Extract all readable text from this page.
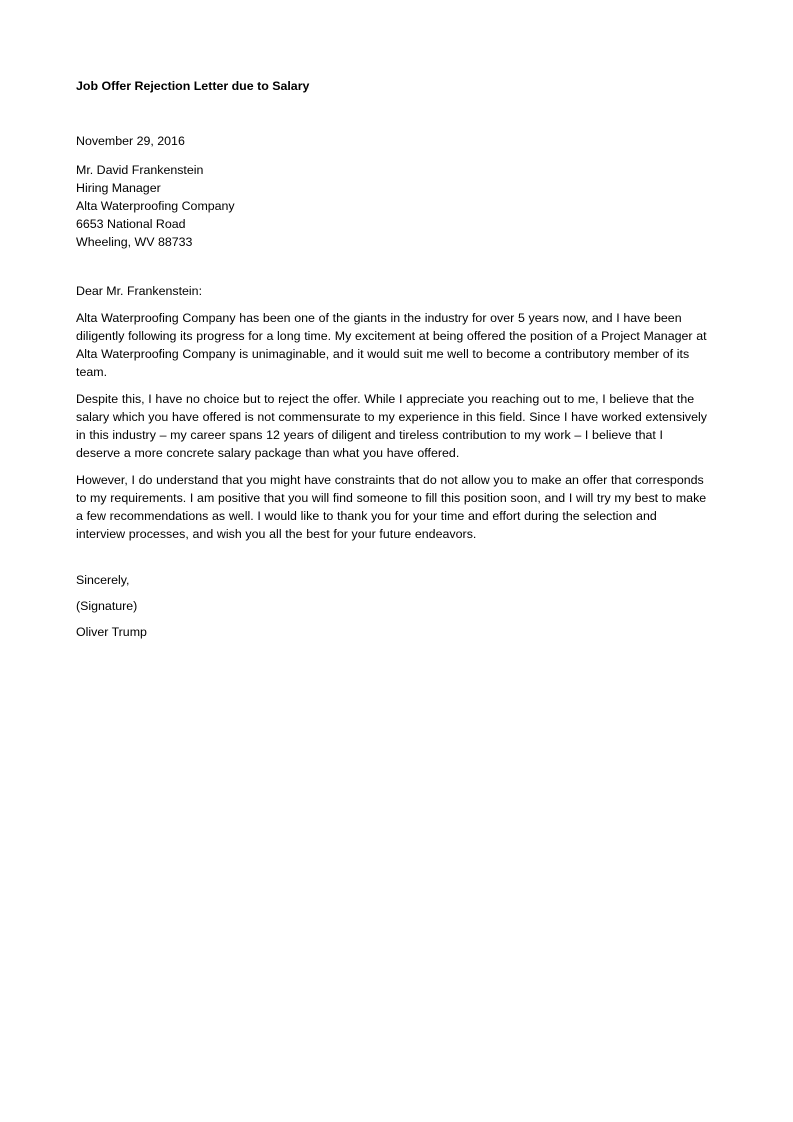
Job Offer Rejection Letter due to Salary
November 29, 2016
Mr. David Frankenstein
Hiring Manager
Alta Waterproofing Company
6653 National Road
Wheeling, WV 88733
Dear Mr. Frankenstein:
Alta Waterproofing Company has been one of the giants in the industry for over 5 years now, and I have been diligently following its progress for a long time. My excitement at being offered the position of a Project Manager at Alta Waterproofing Company is unimaginable, and it would suit me well to become a contributory member of its team.
Despite this, I have no choice but to reject the offer. While I appreciate you reaching out to me, I believe that the salary which you have offered is not commensurate to my experience in this field. Since I have worked extensively in this industry – my career spans 12 years of diligent and tireless contribution to my work – I believe that I deserve a more concrete salary package than what you have offered.
However, I do understand that you might have constraints that do not allow you to make an offer that corresponds to my requirements. I am positive that you will find someone to fill this position soon, and I will try my best to make a few recommendations as well. I would like to thank you for your time and effort during the selection and interview processes, and wish you all the best for your future endeavors.
Sincerely,
(Signature)
Oliver Trump
